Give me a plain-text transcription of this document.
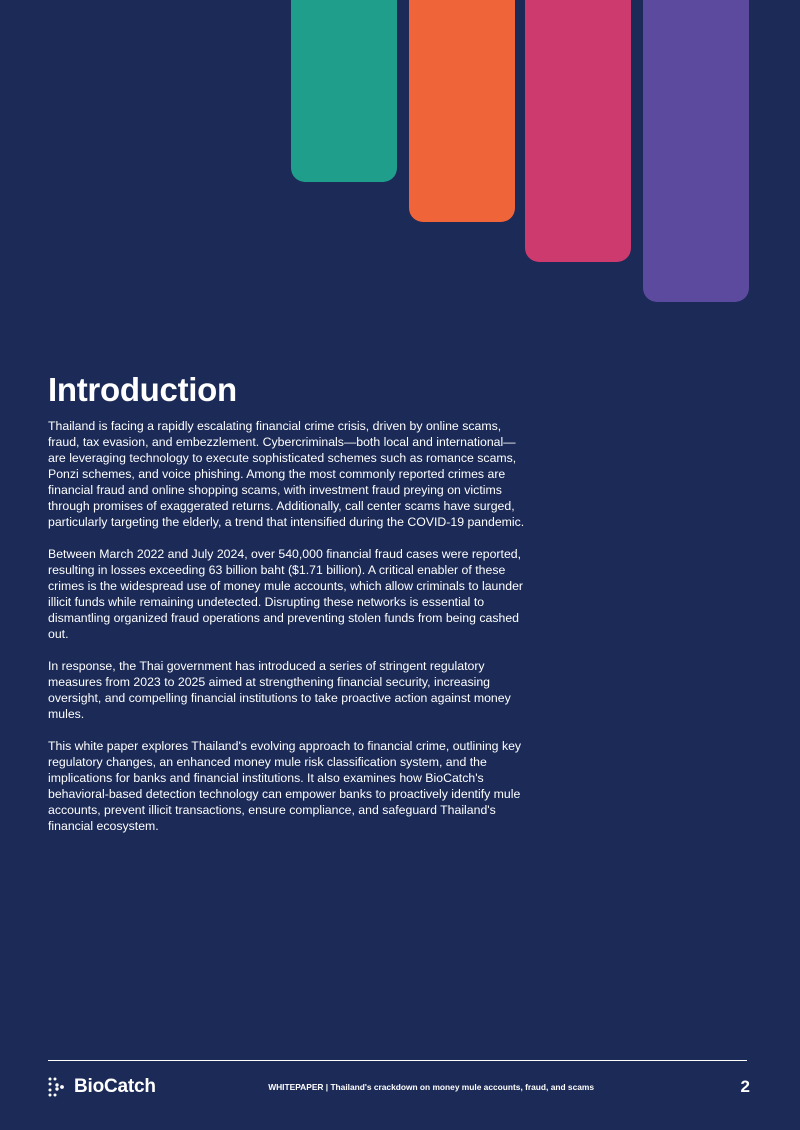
Introduction

Thailand is facing a rapidly escalating financial crime crisis, driven by online scams, fraud, tax evasion, and embezzlement. Cybercriminals—both local and international—are leveraging technology to execute sophisticated schemes such as romance scams, Ponzi schemes, and voice phishing. Among the most commonly reported crimes are financial fraud and online shopping scams, with investment fraud preying on victims through promises of exaggerated returns. Additionally, call center scams have surged, particularly targeting the elderly, a trend that intensified during the COVID-19 pandemic.

Between March 2022 and July 2024, over 540,000 financial fraud cases were reported, resulting in losses exceeding 63 billion baht ($1.71 billion). A critical enabler of these crimes is the widespread use of money mule accounts, which allow criminals to launder illicit funds while remaining undetected. Disrupting these networks is essential to dismantling organized fraud operations and preventing stolen funds from being cashed out.

In response, the Thai government has introduced a series of stringent regulatory measures from 2023 to 2025 aimed at strengthening financial security, increasing oversight, and compelling financial institutions to take proactive action against money mules.

This white paper explores Thailand's evolving approach to financial crime, outlining key regulatory changes, an enhanced money mule risk classification system, and the implications for banks and financial institutions. It also examines how BioCatch's behavioral-based detection technology can empower banks to proactively identify mule accounts, prevent illicit transactions, ensure compliance, and safeguard Thailand's financial ecosystem.

BioCatch	WHITEPAPER | Thailand's crackdown on money mule accounts, fraud, and scams	2
